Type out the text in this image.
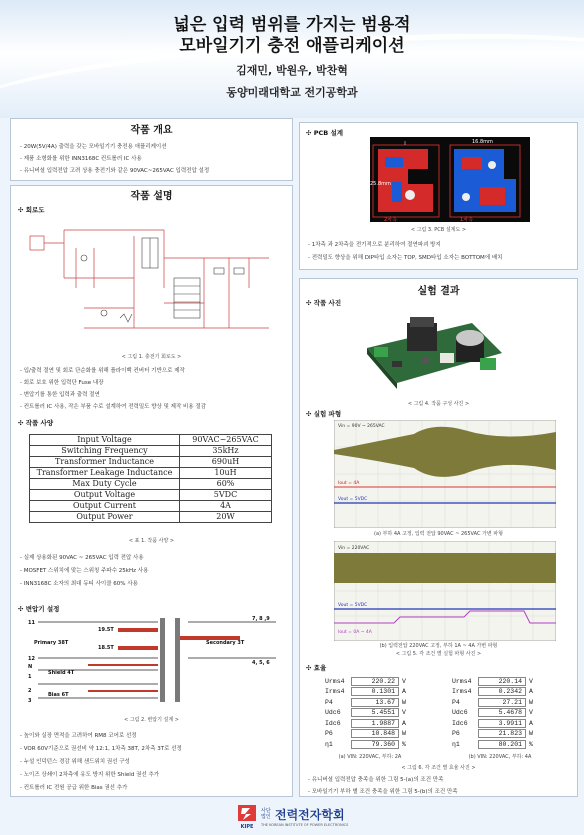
넓은 입력 범위를 가지는 범용적
모바일기기 충전 애플리케이션
김재민, 박원우, 박찬혁
동양미래대학교 전기공학과
작품 개요
- 20W(5V/4A) 출력을 갖는 모바일기기 충전용 애플리케이션
- 제품 소형화를 위한 INN3168C 컨트롤러 IC 사용
- 유니버셜 입력전압 고려 상용 충전기와 같은 90VAC~265VAC 입력전압 설정
작품 설명
✣ 회로도
< 그림 1. 충전기 회로도 >
- 입/출력 절연 및 회로 단순화를 위해 플라이백 컨버터 기반으로 제작
- 회로 보호 위한 입력단 Fuse 내장
- 변압기를 통한 입력과 출력 절연
- 컨트롤러 IC 사용, 작은 부품 수로 설계하여 전력밀도 향상 및 제작 비용 절감
✣ 작품 사양
Input Voltage	90VAC~265VAC
Switching Frequency	35kHz
Transformer Inductance	690uH
Transformer Leakage Inductance	10uH
Max Duty Cycle	60%
Output Voltage	5VDC
Output Current	4A
Output Power	20W
< 표 1. 작품 사양 >
- 실제 상용화된 90VAC ~ 265VAC 입력 전압 사용
- MOSFET 스위치에 맞는 스위칭 주파수 25kHz 사용
- INN3168C 소자의 최대 듀티 사이클 60% 사용
✣ 변압기 설정
11
12
N
1
2
3
7, 8 ,9
4, 5, 6
Primary 38T	Secondary 3T
19.5T
18.5T
Shield 4T
Bias 6T
< 그림 2. 변압기 설계 >
- 높이와 실장 면적을 고려하여 RM8 코어로 선정
- VOR 60V기준으로 권선비 약 12:1, 1차측 38T, 2차측 3T로 선정
- 누설 인덕턴스 경감 위해 샌드위치 권선 구성
- 노이즈 상쇄이 2차측에 유도 방지 위한 Shield 권선 추가
- 컨트롤러 IC 전원 공급 위한 Bias 권선 추가
✣ PCB 설계
25.8mm
16.8mm
2차측	1차측
< 그림 3. PCB 설계도 >
- 1차측 과 2차측을 전기적으로 분리하여 절연파괴 방지
- 전력밀도 향상을 위해 DIP타입 소자는 TOP, SMD타입 소자는 BOTTOM에 배치
실험 결과
✣ 작품 사진
< 그림 4. 작품 구성 사진 >
✣ 실험 파형
Vin = 90V ~ 265VAC
Iout = 4A
Vout = 5VDC
(a) 부하 4A 고정, 입력 전압 90VAC ~ 265VAC 가변 파형
Vin = 220VAC
Vout = 5VDC
Iout = 0A ~ 4A
(b) 입력전압 220VAC 고정, 부하 1A ~ 4A 가변 파형
< 그림 5. 각 조건 별 실험 파형 사진 >
✣ 효율
Urms4	220.22	V
Irms4	0.1301	A
P4	13.67	W
Udc6	5.4551	V
Idc6	1.9887	A
P6	10.848	W
η1	79.360	%
Urms4	220.14	V
Irms4	0.2342	A
P4	27.21	W
Udc6	5.4678	V
Idc6	3.9911	A
P6	21.823	W
η1	80.201	%
(a) VIN: 220VAC, 부하: 2A	(b) VIN: 220VAC, 부하: 4A
< 그림 6. 각 조건 별 효율 사진 >
- 유니버셜 입력전압 충족을 위한 그림 5-(a)의 조건 만족
- 모바일기기 부하 별 조건 충족을 위한 그림 5-(b)의 조건 만족
KIPE
사단법인 전력전자학회
THE KOREAN INSTITUTE OF POWER ELECTRONICS
